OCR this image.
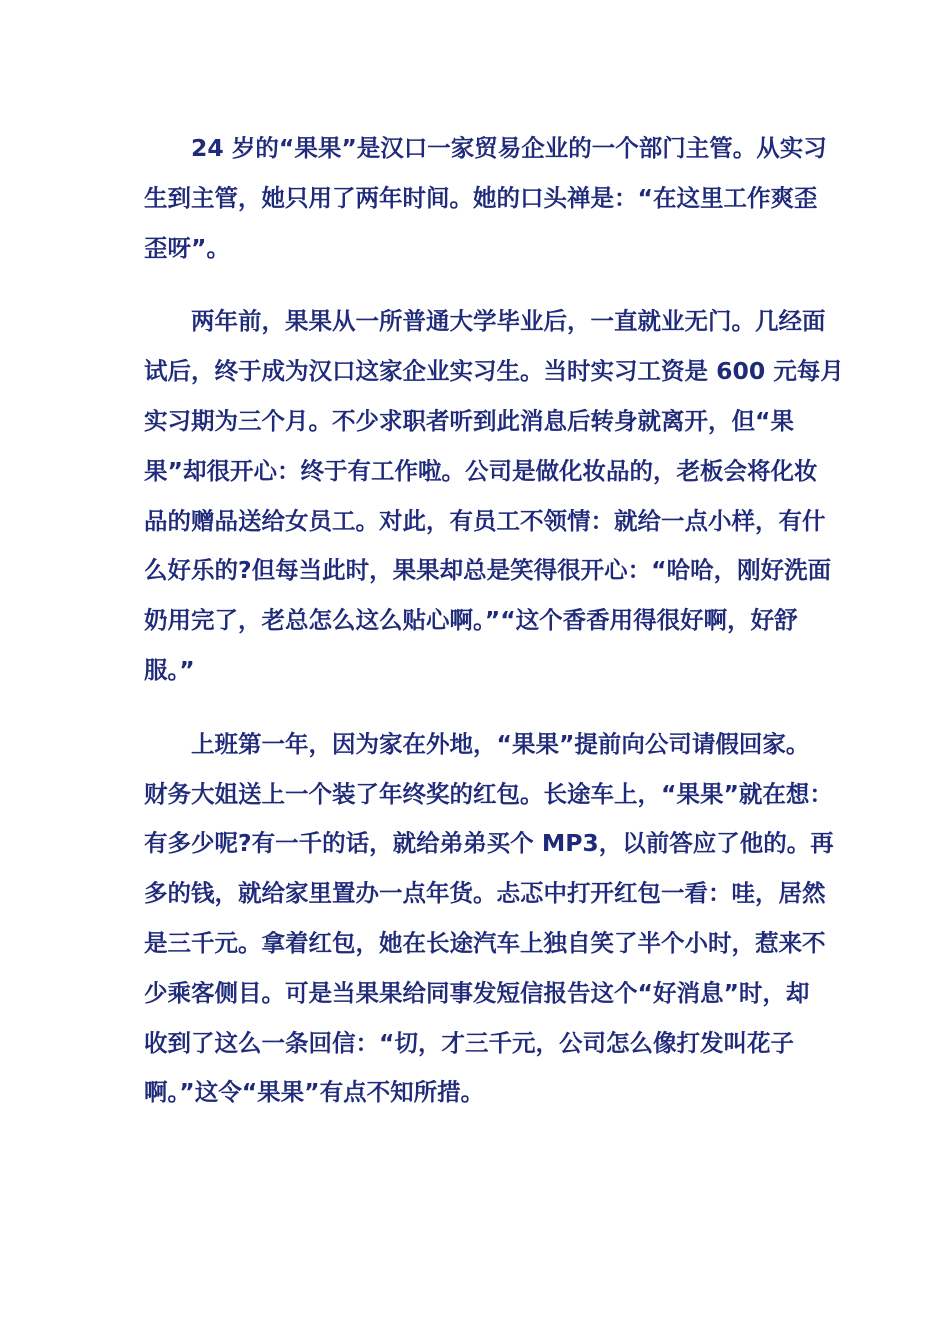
24 岁的“果果”是汉口一家贸易企业的一个部门主管。从实习
生到主管，她只用了两年时间。她的口头禅是：“在这里工作爽歪
歪呀”。

两年前，果果从一所普通大学毕业后，一直就业无门。几经面
试后，终于成为汉口这家企业实习生。当时实习工资是 600 元每月
实习期为三个月。不少求职者听到此消息后转身就离开，但“果
果”却很开心：终于有工作啦。公司是做化妆品的，老板会将化妆
品的赠品送给女员工。对此，有员工不领情：就给一点小样，有什
么好乐的?但每当此时，果果却总是笑得很开心：“哈哈，刚好洗面
奶用完了，老总怎么这么贴心啊。”“这个香香用得很好啊，好舒
服。”

上班第一年，因为家在外地，“果果”提前向公司请假回家。
财务大姐送上一个装了年终奖的红包。长途车上，“果果”就在想：
有多少呢?有一千的话，就给弟弟买个 MP3，以前答应了他的。再
多的钱，就给家里置办一点年货。忐忑中打开红包一看：哇，居然
是三千元。拿着红包，她在长途汽车上独自笑了半个小时，惹来不
少乘客侧目。可是当果果给同事发短信报告这个“好消息”时，却
收到了这么一条回信：“切，才三千元，公司怎么像打发叫花子
啊。”这令“果果”有点不知所措。
